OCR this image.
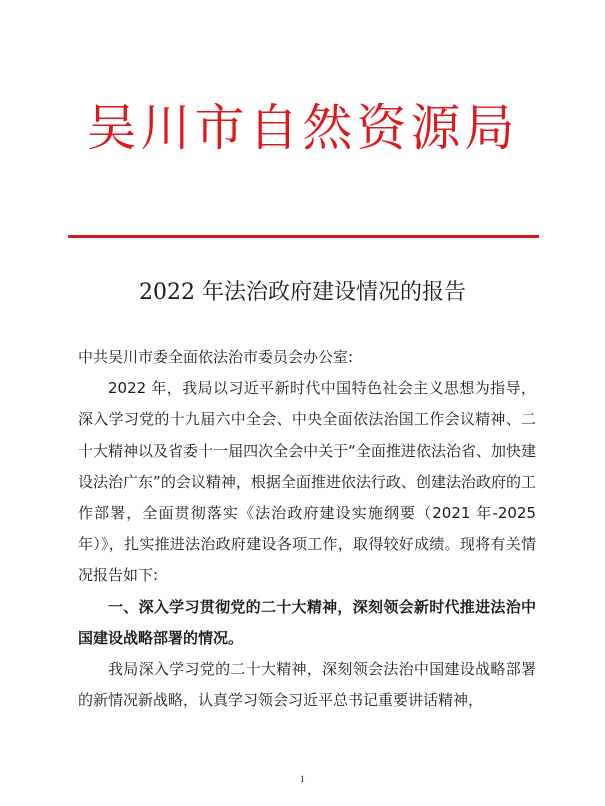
吴川市自然资源局
2022 年法治政府建设情况的报告

中共吴川市委全面依法治市委员会办公室:

2022 年，我局以习近平新时代中国特色社会主义思想为指导，深入学习党的十九届六中全会、中央全面依法治国工作会议精神、二十大精神以及省委十一届四次全会中关于“全面推进依法治省、加快建设法治广东”的会议精神，根据全面推进依法行政、创建法治政府的工作部署，全面贯彻落实《法治政府建设实施纲要（2021 年-2025 年）》，扎实推进法治政府建设各项工作，取得较好成绩。现将有关情况报告如下:

一、深入学习贯彻党的二十大精神，深刻领会新时代推进法治中国建设战略部署的情况。

我局深入学习党的二十大精神，深刻领会法治中国建设战略部署的新情况新战略，认真学习领会习近平总书记重要讲话精神，

1
